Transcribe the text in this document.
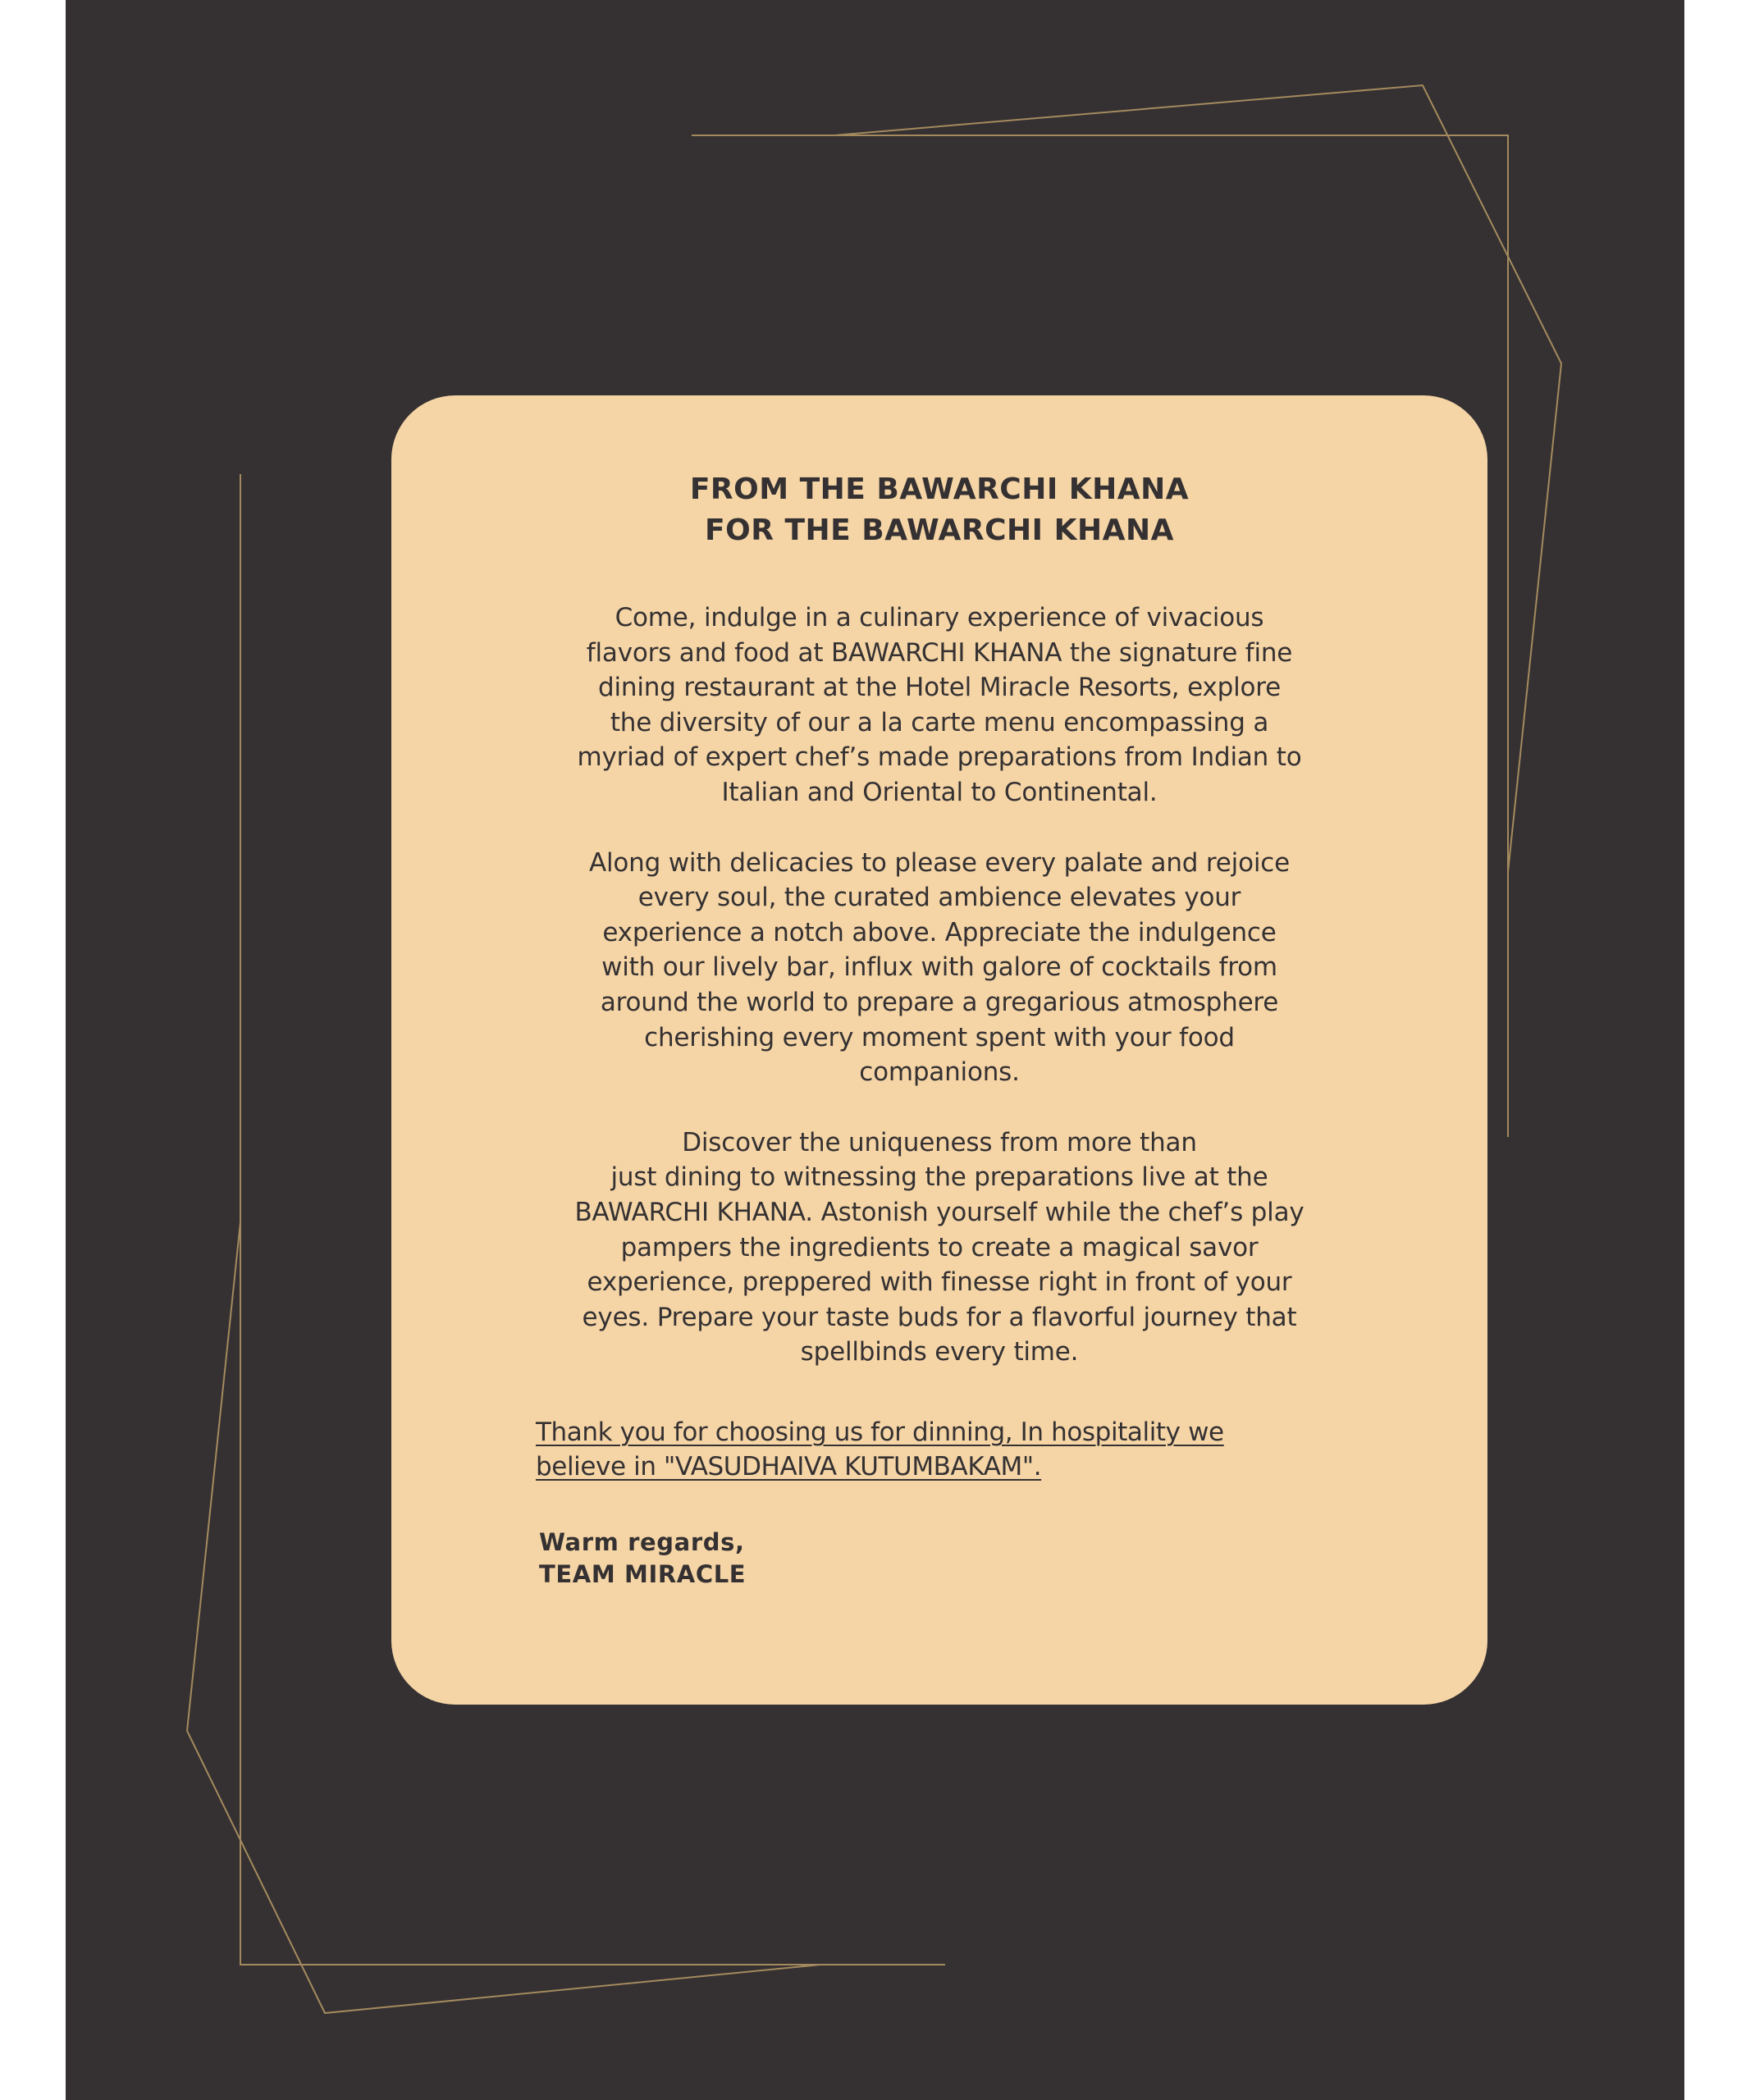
FROM THE BAWARCHI KHANA
FOR THE BAWARCHI KHANA

Come, indulge in a culinary experience of vivacious
flavors and food at BAWARCHI KHANA the signature fine
dining restaurant at the Hotel Miracle Resorts, explore
the diversity of our a la carte menu encompassing a
myriad of expert chef’s made preparations from Indian to
Italian and Oriental to Continental.

Along with delicacies to please every palate and rejoice
every soul, the curated ambience elevates your
experience a notch above. Appreciate the indulgence
with our lively bar, influx with galore of cocktails from
around the world to prepare a gregarious atmosphere
cherishing every moment spent with your food
companions.

Discover the uniqueness from more than
just dining to witnessing the preparations live at the
BAWARCHI KHANA. Astonish yourself while the chef’s play
pampers the ingredients to create a magical savor
experience, preppered with finesse right in front of your
eyes. Prepare your taste buds for a flavorful journey that
spellbinds every time.

Thank you for choosing us for dinning, In hospitality we
believe in "VASUDHAIVA KUTUMBAKAM".

Warm regards,
TEAM MIRACLE
